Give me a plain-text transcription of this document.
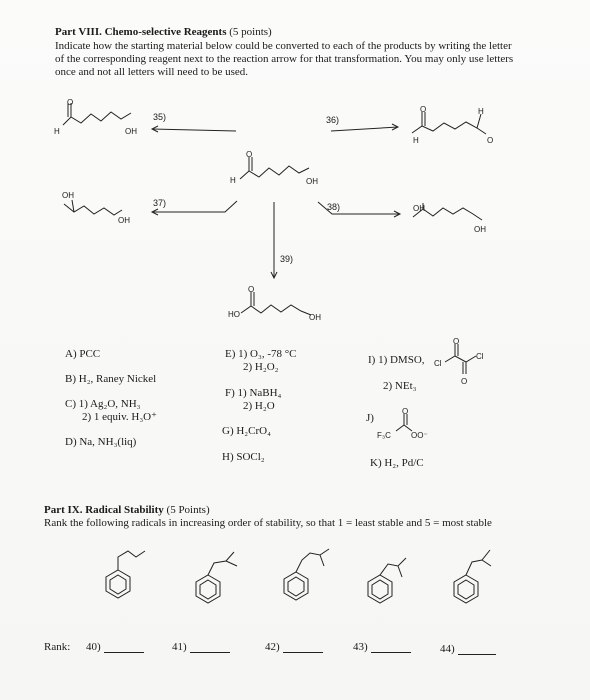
Part VIII. Chemo-selective Reagents (5 points)
Indicate how the starting material below could be converted to each of the products by writing the letter
of the corresponding reagent next to the reaction arrow for that transformation. You may only use letters
once and not all letters will need to be used.
O
H	OH
35)	36)
O
H
H
O
O
H	OH
OH
OH
37)	38)	OH
OH
39)
O
HO	OH
A) PCC
B) H₂, Raney Nickel
C) 1) Ag₂O, NH₃
2) 1 equiv. H₃O⁺
D) Na, NH₃(liq)
E) 1) O₃, -78 °C
2) H₂O₂
F) 1) NaBH₄
2) H₂O
G) H₂CrO₄
H) SOCl₂
I) 1) DMSO,
2) NEt₃
J)
K) H₂, Pd/C
O
O
Cl
Cl
O
F₃C	OO⁻
Part IX. Radical Stability (5 Points)
Rank the following radicals in increasing order of stability, so that 1 = least stable and 5 = most stable
Rank: 40)	41)	42)	43)	44)
